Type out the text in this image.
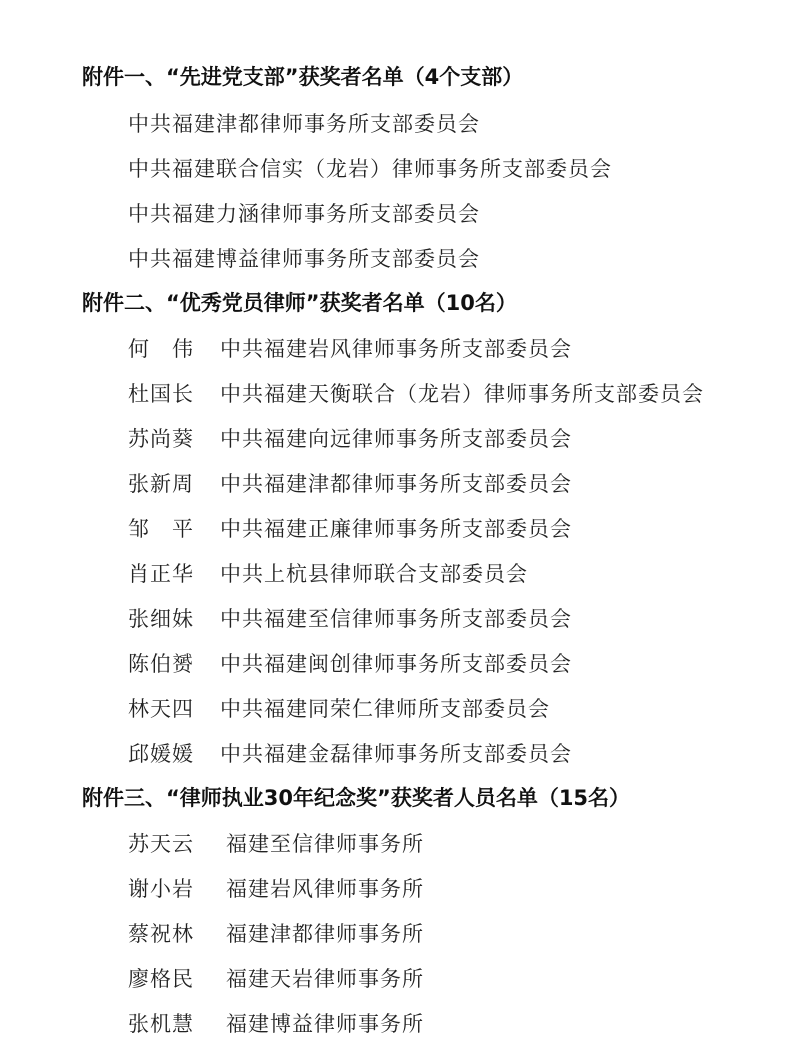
附件一、“先进党支部”获奖者名单（4个支部）
中共福建津都律师事务所支部委员会
中共福建联合信实（龙岩）律师事务所支部委员会
中共福建力涵律师事务所支部委员会
中共福建博益律师事务所支部委员会
附件二、“优秀党员律师”获奖者名单（10名）
何　伟 中共福建岩风律师事务所支部委员会
杜国长 中共福建天衡联合（龙岩）律师事务所支部委员会
苏尚葵 中共福建向远律师事务所支部委员会
张新周 中共福建津都律师事务所支部委员会
邹　平 中共福建正廉律师事务所支部委员会
肖正华 中共上杭县律师联合支部委员会
张细妹 中共福建至信律师事务所支部委员会
陈伯赟 中共福建闽创律师事务所支部委员会
林天四 中共福建同荣仁律师所支部委员会
邱媛媛 中共福建金磊律师事务所支部委员会
附件三、“律师执业30年纪念奖”获奖者人员名单（15名）
苏天云 福建至信律师事务所
谢小岩 福建岩风律师事务所
蔡祝林 福建津都律师事务所
廖格民 福建天岩律师事务所
张机慧 福建博益律师事务所
